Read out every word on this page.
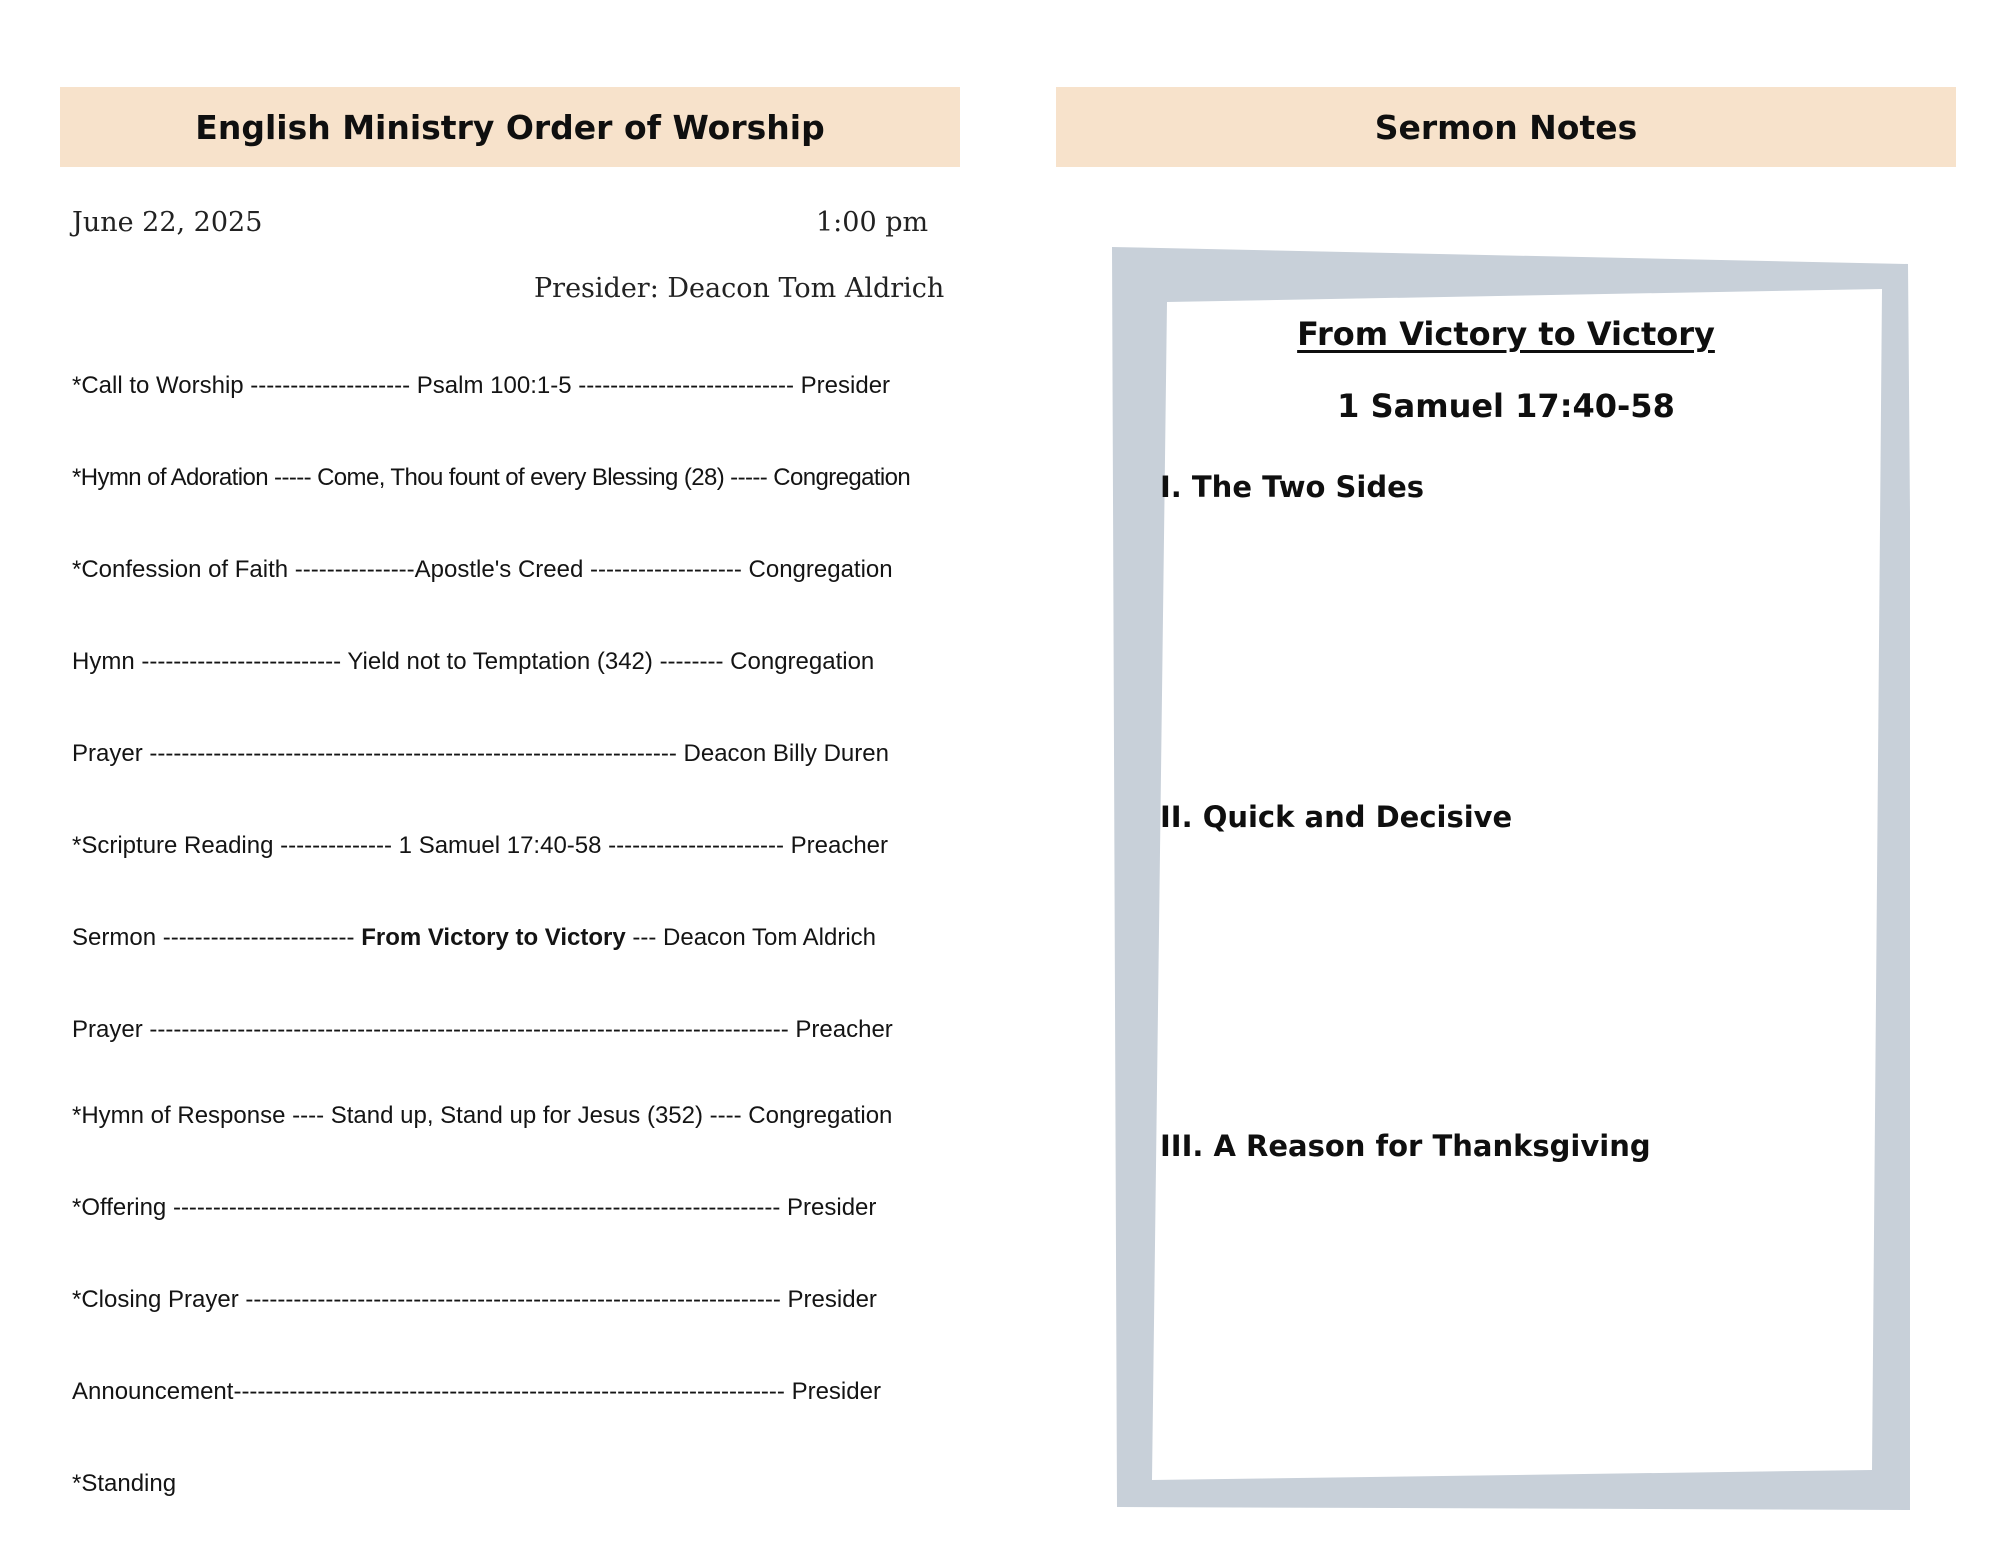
English Ministry Order of Worship	Sermon Notes
June 22, 2025	1:00 pm
Presider: Deacon Tom Aldrich
*Call to Worship -------------------- Psalm 100:1-5 --------------------------- Presider
*Hymn of Adoration ----- Come, Thou fount of every Blessing (28) ----- Congregation
*Confession of Faith ---------------Apostle's Creed ------------------- Congregation
Hymn ------------------------- Yield not to Temptation (342) -------- Congregation
Prayer ------------------------------------------------------------------ Deacon Billy Duren
*Scripture Reading -------------- 1 Samuel 17:40-58 ---------------------- Preacher
Sermon ------------------------ From Victory to Victory --- Deacon Tom Aldrich
Prayer -------------------------------------------------------------------------------- Preacher
*Hymn of Response ---- Stand up, Stand up for Jesus (352) ---- Congregation
*Offering ---------------------------------------------------------------------------- Presider
*Closing Prayer ------------------------------------------------------------------- Presider
Announcement--------------------------------------------------------------------- Presider
*Standing
From Victory to Victory
1 Samuel 17:40-58
I. The Two Sides
II. Quick and Decisive
III. A Reason for Thanksgiving
